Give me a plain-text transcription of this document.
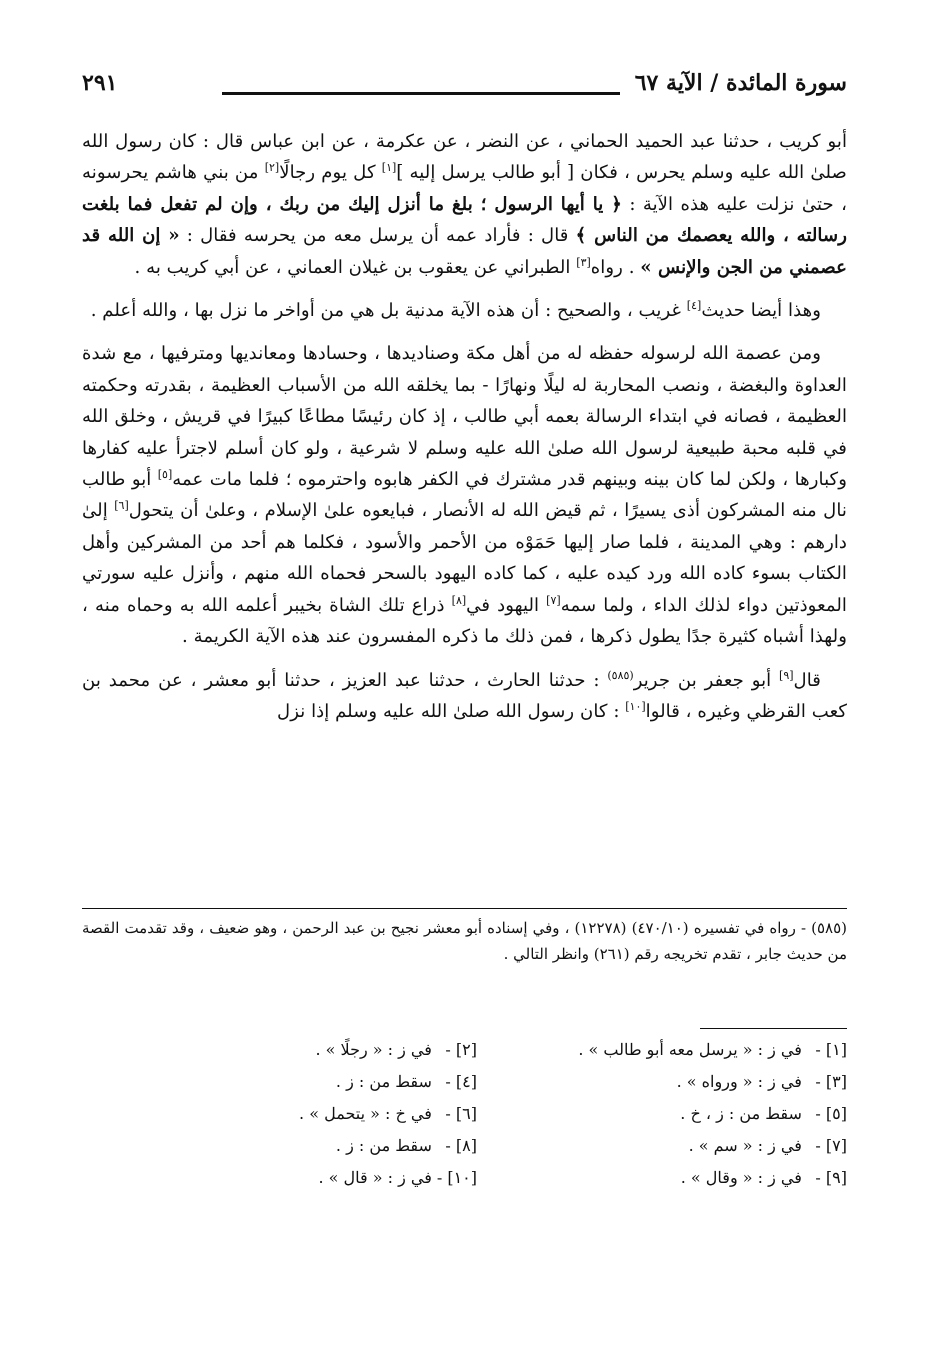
سورة المائدة / الآية ٦٧
٢٩١

أبو كريب ، حدثنا عبد الحميد الحماني ، عن النضر ، عن عكرمة ، عن ابن عباس قال : كان رسول الله صلىٰ الله عليه وسلم يحرس ، فكان [ أبو طالب يرسل إليه ][١] كل يوم رجالًا[٢] من بني هاشم يحرسونه ، حتىٰ نزلت عليه هذه الآية : ﴿ يا أيها الرسول ؛ بلغ ما أنزل إليك من ربك ، وإن لم تفعل فما بلغت رسالته ، والله يعصمك من الناس ﴾ قال : فأراد عمه أن يرسل معه من يحرسه فقال : « إن الله قد عصمني من الجن والإنس » . رواه[٣] الطبراني عن يعقوب بن غيلان العماني ، عن أبي كريب به .

وهذا أيضا حديث[٤] غريب ، والصحيح : أن هذه الآية مدنية بل هي من أواخر ما نزل بها ، والله أعلم .

ومن عصمة الله لرسوله حفظه له من أهل مكة وصناديدها ، وحسادها ومعانديها ومترفيها ، مع شدة العداوة والبغضة ، ونصب المحاربة له ليلًا ونهارًا - بما يخلقه الله من الأسباب العظيمة ، بقدرته وحكمته العظيمة ، فصانه في ابتداء الرسالة بعمه أبي طالب ، إذ كان رئيسًا مطاعًا كبيرًا في قريش ، وخلق الله في قلبه محبة طبيعية لرسول الله صلىٰ الله عليه وسلم لا شرعية ، ولو كان أسلم لاجترأ عليه كفارها وكبارها ، ولكن لما كان بينه وبينهم قدر مشترك في الكفر هابوه واحترموه ؛ فلما مات عمه[٥] أبو طالب نال منه المشركون أذى يسيرًا ، ثم قيض الله له الأنصار ، فبايعوه علىٰ الإسلام ، وعلىٰ أن يتحول[٦] إلىٰ دارهم : وهي المدينة ، فلما صار إليها حَمَوْه من الأحمر والأسود ، فكلما هم أحد من المشركين وأهل الكتاب بسوء كاده الله ورد كيده عليه ، كما كاده اليهود بالسحر فحماه الله منهم ، وأنزل عليه سورتي المعوذتين دواء لذلك الداء ، ولما سمه[٧] اليهود في[٨] ذراع تلك الشاة بخيبر أعلمه الله به وحماه منه ، ولهذا أشباه كثيرة جدًا يطول ذكرها ، فمن ذلك ما ذكره المفسرون عند هذه الآية الكريمة .

قال[٩] أبو جعفر بن جرير$^{(٥٨٥)}$ : حدثنا الحارث ، حدثنا عبد العزيز ، حدثنا أبو معشر ، عن محمد بن كعب القرظي وغيره ، قالوا[١٠] : كان رسول الله صلىٰ الله عليه وسلم إذا نزل

(٥٨٥) - رواه في تفسيره (٤٧٠/١٠) (١٢٢٧٨) ، وفي إسناده أبو معشر نجيح بن عبد الرحمن ، وهو ضعيف ، وقد تقدمت القصة من حديث جابر ، تقدم تخريجه رقم (٢٦١) وانظر التالي .
[١] - في ز : « يرسل معه أبو طالب » .
[٢] - في ز : « رجلًا » .
[٣] - في ز : « ورواه » .
[٤] - سقط من : ز .
[٥] - سقط من : ز ، خ .
[٦] - في خ : « يتحمل » .
[٧] - في ز : « سم » .
[٨] - سقط من : ز .
[٩] - في ز : « وقال » .
[١٠] - في ز : « قال » .
